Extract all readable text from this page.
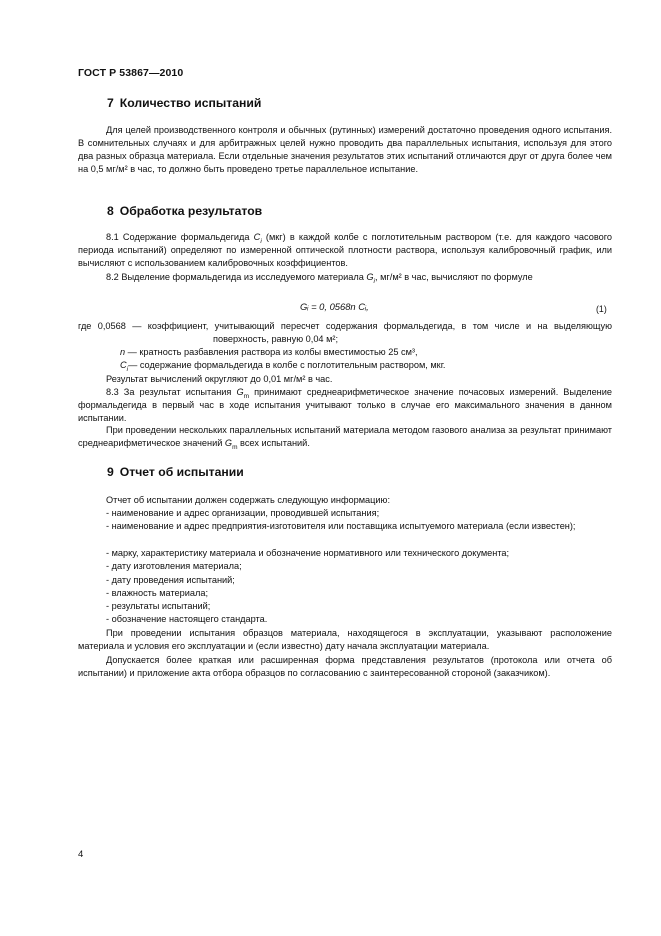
ГОСТ Р 53867—2010
7 Количество испытаний
Для целей производственного контроля и обычных (рутинных) измерений достаточно проведения одного испытания. В сомнительных случаях и для арбитражных целей нужно проводить два параллельных испытания, используя для этого два разных образца материала. Если отдельные значения результатов этих испытаний отличаются друг от друга более чем на 0,5 мг/м² в час, то должно быть проведено третье параллельное испытание.
8 Обработка результатов
8.1 Содержание формальдегида $C_i$ (мкг) в каждой колбе с поглотительным раствором (т.е. для каждого часового периода испытаний) определяют по измеренной оптической плотности раствора, используя калибровочный график, или вычисляют с использованием калибровочных коэффициентов.
8.2 Выделение формальдегида из исследуемого материала $G_i$, мг/м² в час, вычисляют по формуле
Gᵢ = 0, 0568n Cᵢ,	(1)
где 0,0568 — коэффициент, учитывающий пересчет содержания формальдегида, в том числе и на выделяющую поверхность, равную 0,04 м²;
n — кратность разбавления раствора из колбы вместимостью 25 см³,
$C_i—$ содержание формальдегида в колбе с поглотительным раствором, мкг.
Результат вычислений округляют до 0,01 мг/м² в час.
8.3 За результат испытания $G_m$ принимают среднеарифметическое значение почасовых измерений. Выделение формальдегида в первый час в ходе испытания учитывают только в случае его максимального значения в данном испытании.
При проведении нескольких параллельных испытаний материала методом газового анализа за результат принимают среднеарифметическое значений $G_m$ всех испытаний.
9 Отчет об испытании
Отчет об испытании должен содержать следующую информацию:
- наименование и адрес организации, проводившей испытания;
- наименование и адрес предприятия-изготовителя или поставщика испытуемого материала (если известен);
- марку, характеристику материала и обозначение нормативного или технического документа;
- дату изготовления материала;
- дату проведения испытаний;
- влажность материала;
- результаты испытаний;
- обозначение настоящего стандарта.
При проведении испытания образцов материала, находящегося в эксплуатации, указывают расположение материала и условия его эксплуатации и (если известно) дату начала эксплуатации материала.
Допускается более краткая или расширенная форма представления результатов (протокола или отчета об испытании) и приложение акта отбора образцов по согласованию с заинтересованной стороной (заказчиком).
4
